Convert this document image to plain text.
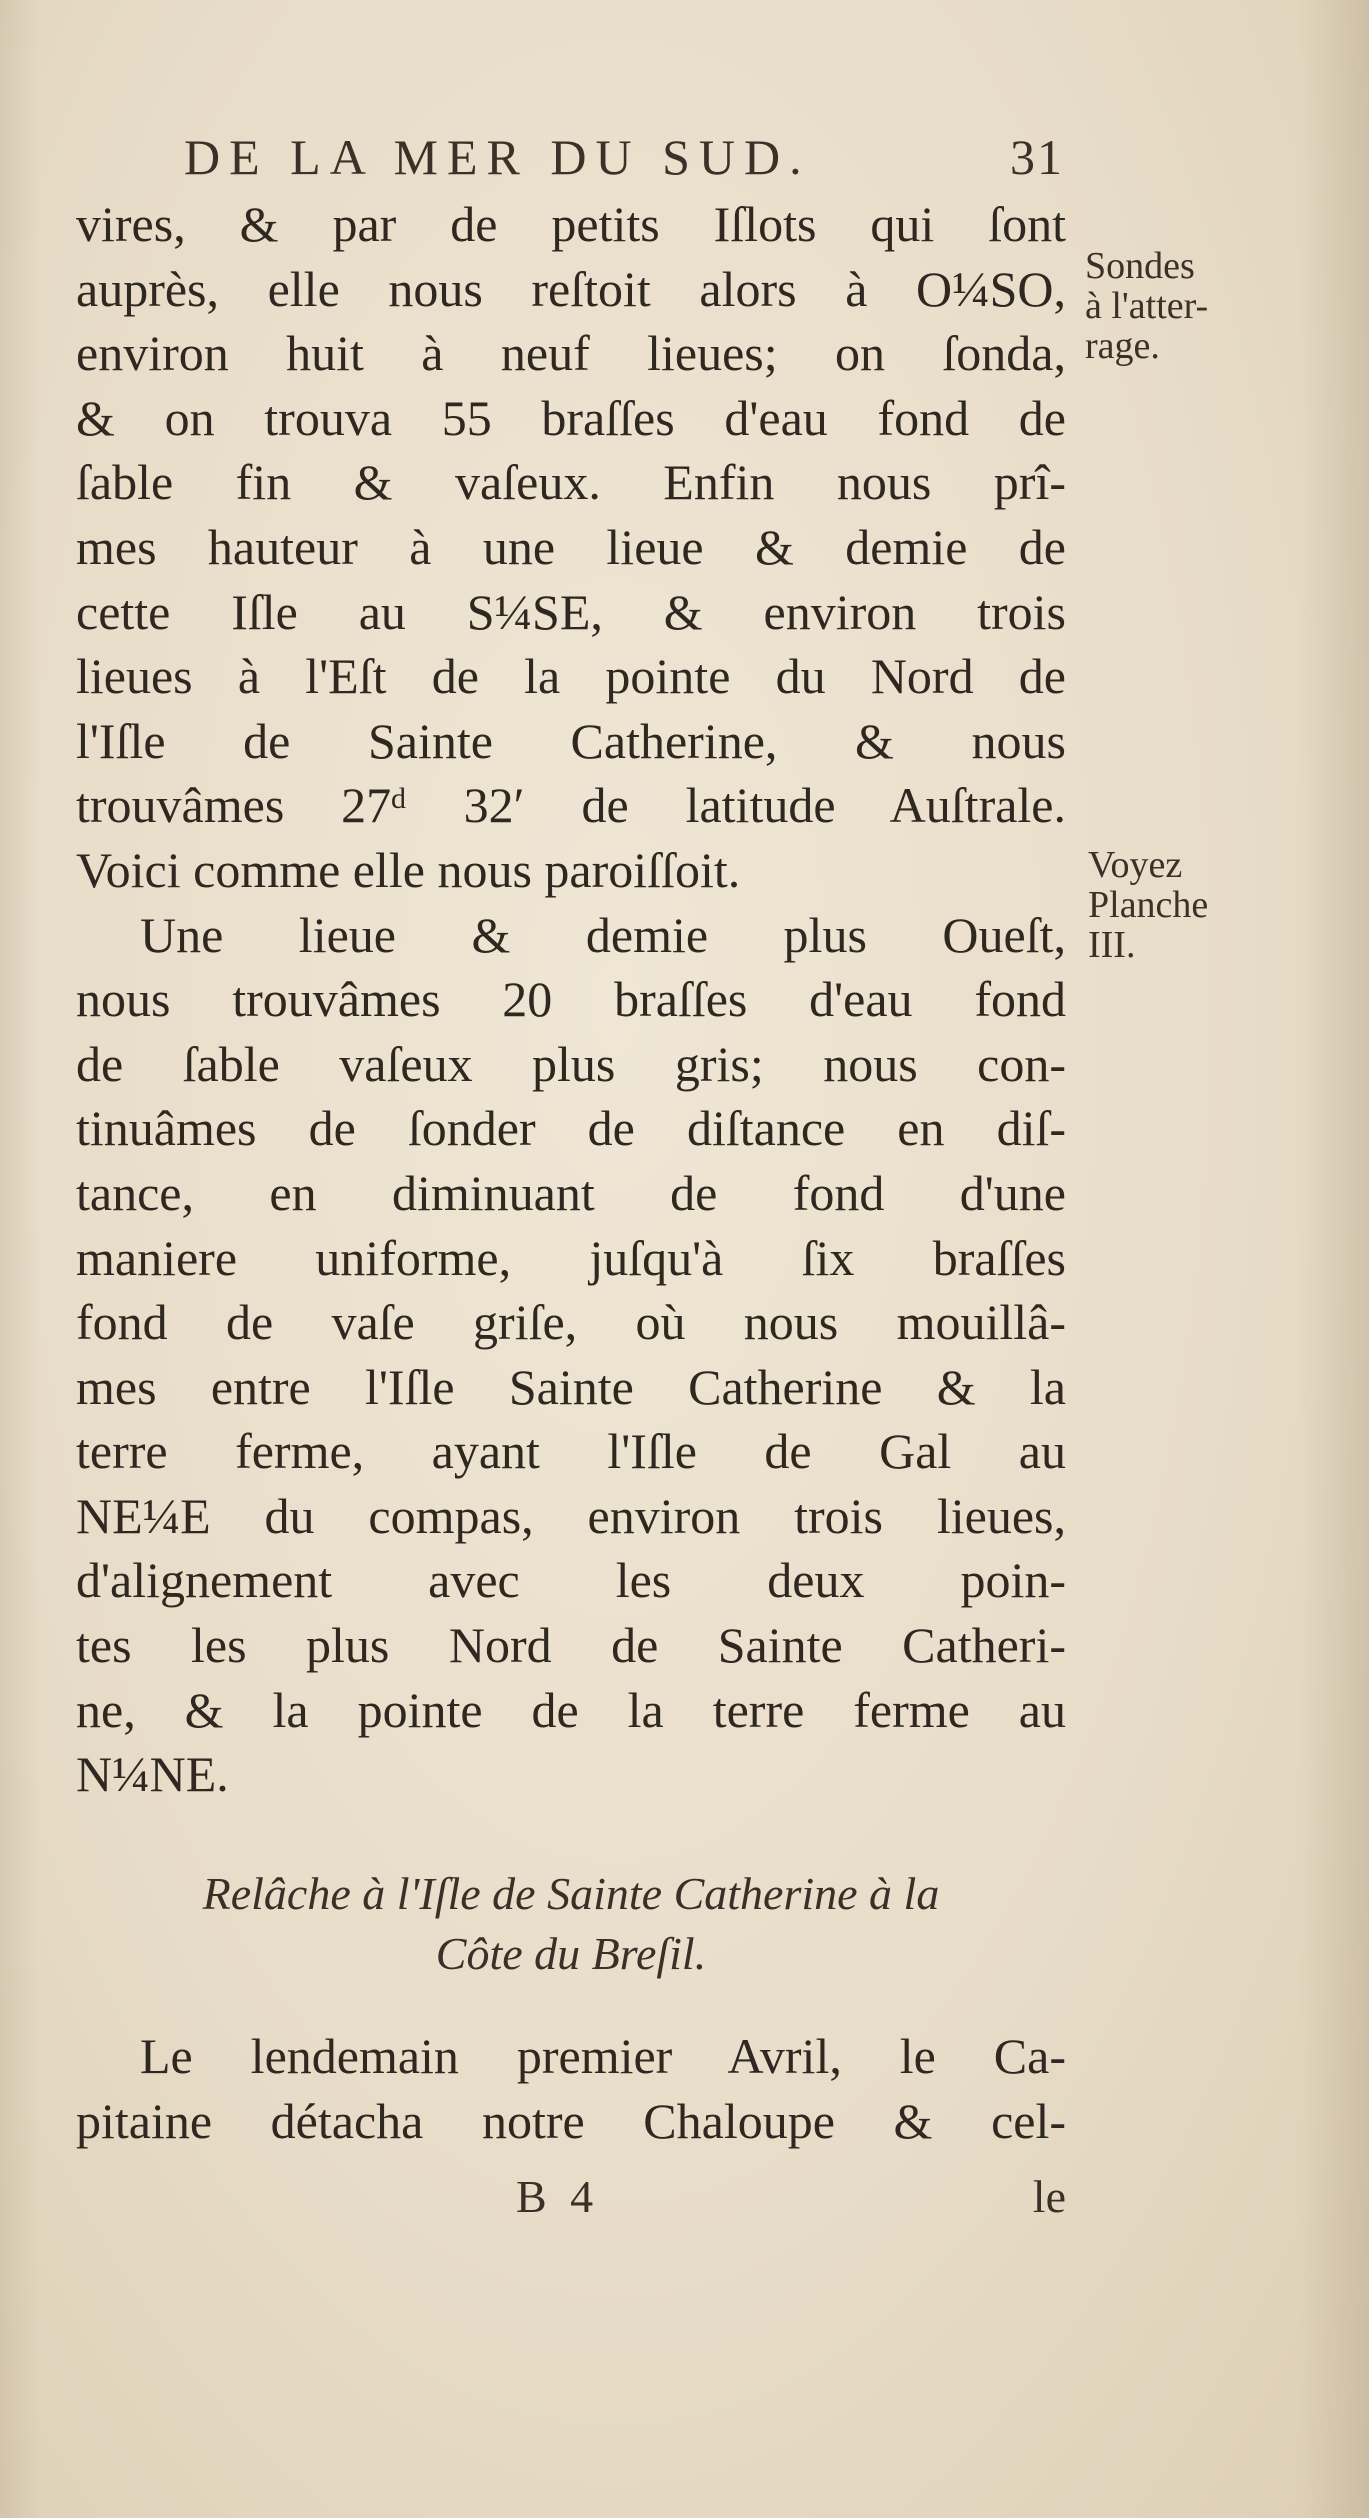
DE LA MER DU SUD.	31
Sondes
à l'atter-
rage.
Voyez
Planche
III.
vires, & par de petits Iſlots qui ſont
auprès, elle nous reſtoit alors à O¼SO,
environ huit à neuf lieues; on ſonda,
& on trouva 55 braſſes d'eau fond de
ſable fin & vaſeux. Enfin nous prî-
mes hauteur à une lieue & demie de
cette Iſle au S¼SE, & environ trois
lieues à l'Eſt de la pointe du Nord de
l'Iſle de Sainte Catherine, & nous
trouvâmes 27ᵈ 32′ de latitude Auſtrale.
Voici comme elle nous paroiſſoit.
Une lieue & demie plus Oueſt,
nous trouvâmes 20 braſſes d'eau fond
de ſable vaſeux plus gris; nous con-
tinuâmes de ſonder de diſtance en diſ-
tance, en diminuant de fond d'une
maniere uniforme, juſqu'à ſix braſſes
fond de vaſe griſe, où nous mouillâ-
mes entre l'Iſle Sainte Catherine & la
terre ferme, ayant l'Iſle de Gal au
NE¼E du compas, environ trois lieues,
d'alignement avec les deux poin-
tes les plus Nord de Sainte Catheri-
ne, & la pointe de la terre ferme au
N¼NE.
Relâche à l'Iſle de Sainte Catherine à la
Côte du Breſil.
Le lendemain premier Avril, le Ca-
pitaine détacha notre Chaloupe & cel-
B 4	le
